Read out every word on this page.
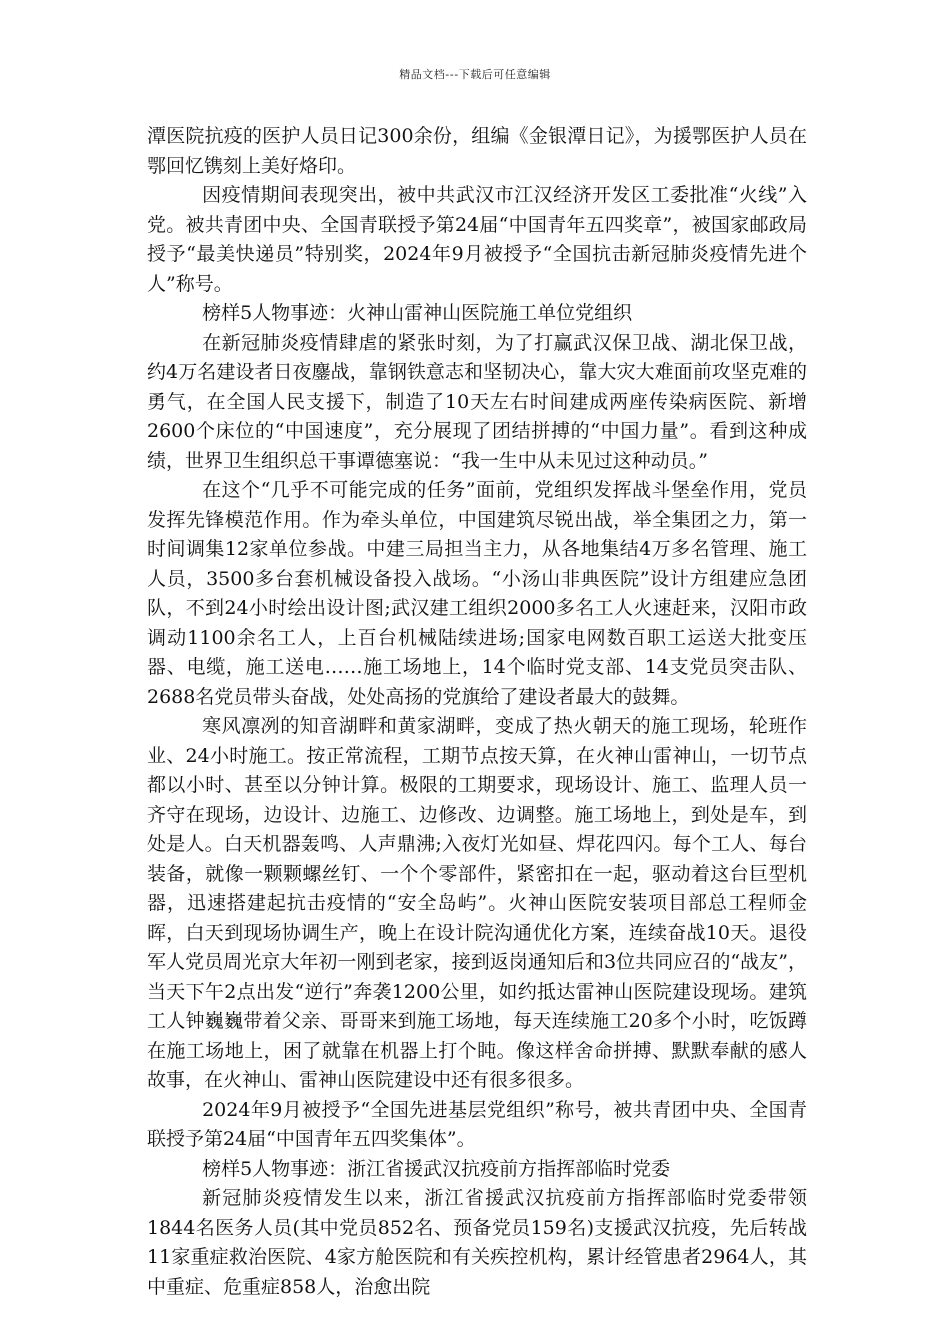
精品文档---下载后可任意编辑

潭医院抗疫的医护人员日记300余份，组编《金银潭日记》，为援鄂医护人员在鄂回忆镌刻上美好烙印。

因疫情期间表现突出，被中共武汉市江汉经济开发区工委批准“火线”入党。被共青团中央、全国青联授予第24届“中国青年五四奖章”，被国家邮政局授予“最美快递员”特别奖，2024年9月被授予“全国抗击新冠肺炎疫情先进个人”称号。

榜样5人物事迹：火神山雷神山医院施工单位党组织

在新冠肺炎疫情肆虐的紧张时刻，为了打赢武汉保卫战、湖北保卫战，约4万名建设者日夜鏖战，靠钢铁意志和坚韧决心，靠大灾大难面前攻坚克难的勇气，在全国人民支援下，制造了10天左右时间建成两座传染病医院、新增2600个床位的“中国速度”，充分展现了团结拼搏的“中国力量”。看到这种成绩，世界卫生组织总干事谭德塞说：“我一生中从未见过这种动员。”

在这个“几乎不可能完成的任务”面前，党组织发挥战斗堡垒作用，党员发挥先锋模范作用。作为牵头单位，中国建筑尽锐出战，举全集团之力，第一时间调集12家单位参战。中建三局担当主力，从各地集结4万多名管理、施工人员，3500多台套机械设备投入战场。“小汤山非典医院”设计方组建应急团队，不到24小时绘出设计图;武汉建工组织2000多名工人火速赶来，汉阳市政调动1100余名工人，上百台机械陆续进场;国家电网数百职工运送大批变压器、电缆，施工送电……施工场地上，14个临时党支部、14支党员突击队、2688名党员带头奋战，处处高扬的党旗给了建设者最大的鼓舞。

寒风凛冽的知音湖畔和黄家湖畔，变成了热火朝天的施工现场，轮班作业、24小时施工。按正常流程，工期节点按天算，在火神山雷神山，一切节点都以小时、甚至以分钟计算。极限的工期要求，现场设计、施工、监理人员一齐守在现场，边设计、边施工、边修改、边调整。施工场地上，到处是车，到处是人。白天机器轰鸣、人声鼎沸;入夜灯光如昼、焊花四闪。每个工人、每台装备，就像一颗颗螺丝钉、一个个零部件，紧密扣在一起，驱动着这台巨型机器，迅速搭建起抗击疫情的“安全岛屿”。火神山医院安装项目部总工程师金晖，白天到现场协调生产，晚上在设计院沟通优化方案，连续奋战10天。退役军人党员周光京大年初一刚到老家，接到返岗通知后和3位共同应召的“战友”，当天下午2点出发“逆行”奔袭1200公里，如约抵达雷神山医院建设现场。建筑工人钟巍巍带着父亲、哥哥来到施工场地，每天连续施工20多个小时，吃饭蹲在施工场地上，困了就靠在机器上打个盹。像这样舍命拼搏、默默奉献的感人故事，在火神山、雷神山医院建设中还有很多很多。

2024年9月被授予“全国先进基层党组织”称号，被共青团中央、全国青联授予第24届“中国青年五四奖集体”。

榜样5人物事迹：浙江省援武汉抗疫前方指挥部临时党委

新冠肺炎疫情发生以来，浙江省援武汉抗疫前方指挥部临时党委带领1844名医务人员(其中党员852名、预备党员159名)支援武汉抗疫，先后转战11家重症救治医院、4家方舱医院和有关疾控机构，累计经管患者2964人，其中重症、危重症858人，治愈出院
